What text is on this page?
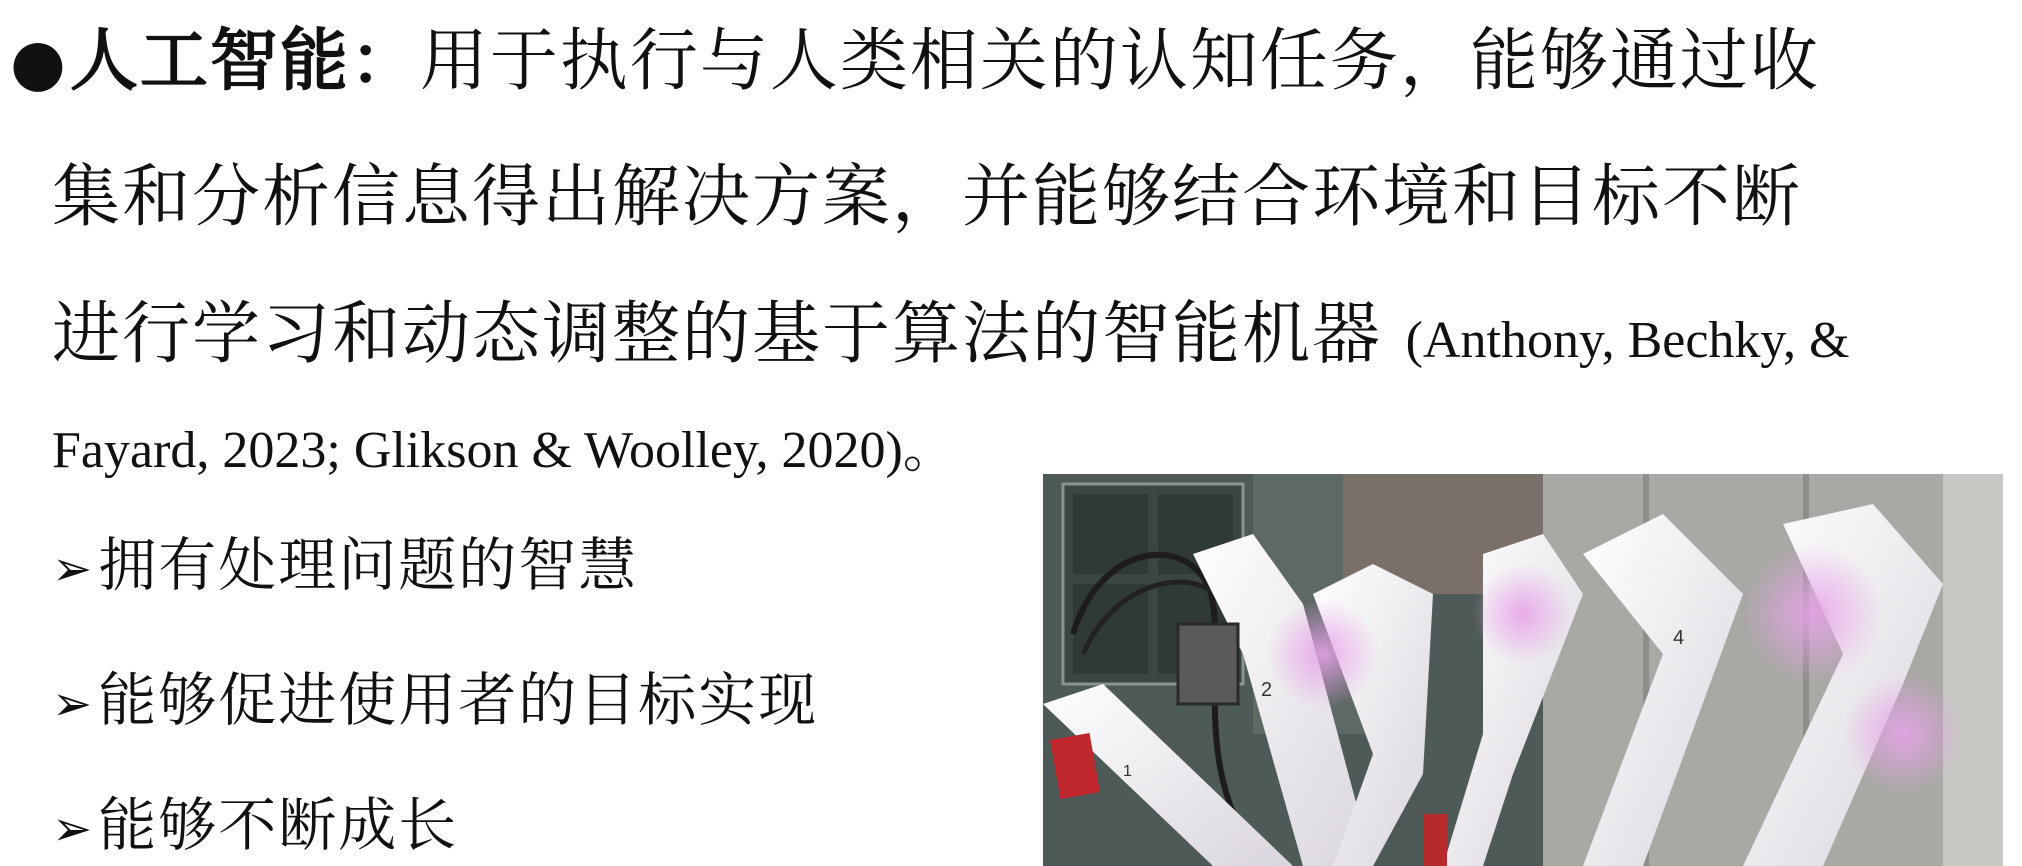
●人工智能：用于执行与人类相关的认知任务，能够通过收
集和分析信息得出解决方案，并能够结合环境和目标不断
进行学习和动态调整的基于算法的智能机器 (Anthony, Bechky, &
Fayard, 2023; Glikson & Woolley, 2020)。
➢拥有处理问题的智慧
➢能够促进使用者的目标实现
➢能够不断成长
2
4
1
